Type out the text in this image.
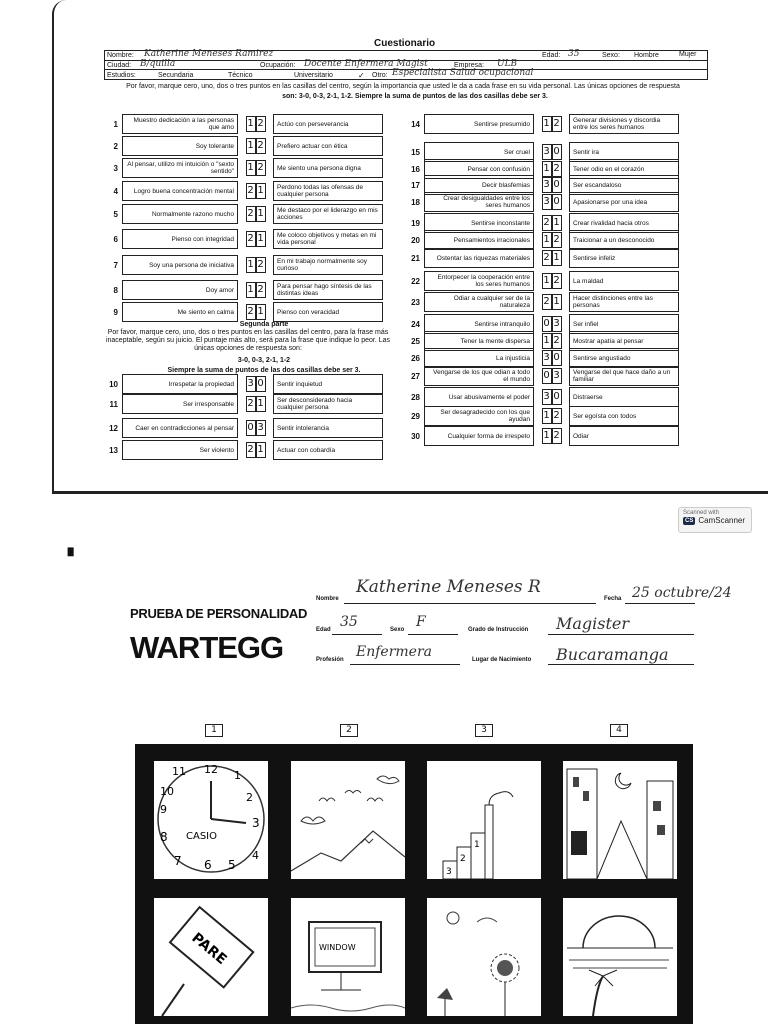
Cuestionario
Nombre: Katherine Meneses Ramirez	Edad: 35	Sexo: Hombre	Mujer
Ciudad: B/quilla	Ocupación: Docente Enfermera Magist	Empresa: ULB
Estudios:	Secundaria	Técnico	Universitario	✓ Otro: Especialista Salud ocupacional
Por favor, marque cero, uno, dos o tres puntos en las casillas del centro, según la importancia que usted le da a cada frase en su vida personal. Las únicas opciones de respuesta
son: 3-0, 0-3, 2-1, 1-2. Siempre la suma de puntos de las dos casillas debe ser 3.
1	Muestro dedicación a las personas que amo	1 2	Actúo con perseverancia
2	Soy tolerante	1 2	Prefiero actuar con ética
3	Al pensar, utilizo mi intuición o "sexto sentido"	1 2	Me siento una persona digna
4	Logro buena concentración mental	2 1	Perdono todas las ofensas de cualquier persona
5	Normalmente razono mucho	2 1	Me destaco por el liderazgo en mis acciones
6	Pienso con integridad	2 1	Me coloco objetivos y metas en mi vida personal
7	Soy una persona de iniciativa	1 2	En mi trabajo normalmente soy curioso
8	Doy amor	1 2	Para pensar hago síntesis de las distintas ideas
9	Me siento en calma	2 1	Pienso con veracidad
10	Irrespetar la propiedad	3 0	Sentir inquietud
11	Ser irresponsable	2 1	Ser desconsiderado hacia cualquier persona
12	Caer en contradicciones al pensar	0 3	Sentir intolerancia
13	Ser violento	2 1	Actuar con cobardía
14	Sentirse presumido	1 2	Generar divisiones y discordia entre los seres humanos
15	Ser cruel	3 0	Sentir ira
16	Pensar con confusión	1 2	Tener odio en el corazón
17	Decir blasfemias	3 0	Ser escandaloso
18	Crear desigualdades entre los seres humanos	3 0	Apasionarse por una idea
19	Sentirse inconstante	2 1	Crear rivalidad hacia otros
20	Pensamientos irracionales	1 2	Traicionar a un desconocido
21	Ostentar las riquezas materiales	2 1	Sentirse infeliz
22	Entorpecer la cooperación entre los seres humanos	1 2	La maldad
23	Odiar a cualquier ser de la naturaleza	2 1	Hacer distinciones entre las personas
24	Sentirse intranquilo	0 3	Ser infiel
25	Tener la mente dispersa	1 2	Mostrar apatía al pensar
26	La injusticia	3 0	Sentirse angustiado
27	Vengarse de los que odian a todo el mundo	0 3	Vengarse del que hace daño a un familiar
28	Usar abusivamente el poder	3 0	Distraerse
29	Ser desagradecido con los que ayudan	1 2	Ser egoísta con todos
30	Cualquier forma de irrespeto	1 2	Odiar
Segunda parte
Por favor, marque cero, uno, dos o tres puntos en las casillas del centro, para la frase más inaceptable, según su juicio. El puntaje más alto, será para la frase que indique lo peor. Las únicas opciones de respuesta son:
3-0, 0-3, 2-1, 1-2
Siempre la suma de puntos de las dos casillas debe ser 3.
Scanned with
CS CamScanner
▘
PRUEBA DE PERSONALIDAD
WARTEGG
Nombre
Katherine Meneses R
Fecha 25 octubre/24
Edad 35	Sexo F	Grado de Instrucción Magister
Profesión Enfermera	Lugar de Nacimiento Bucaramanga
1	2	3	4
11 12 1
10	2
9
3
8
4
7 6 5
CASIO
3
2
1
PARE	WINDOW
